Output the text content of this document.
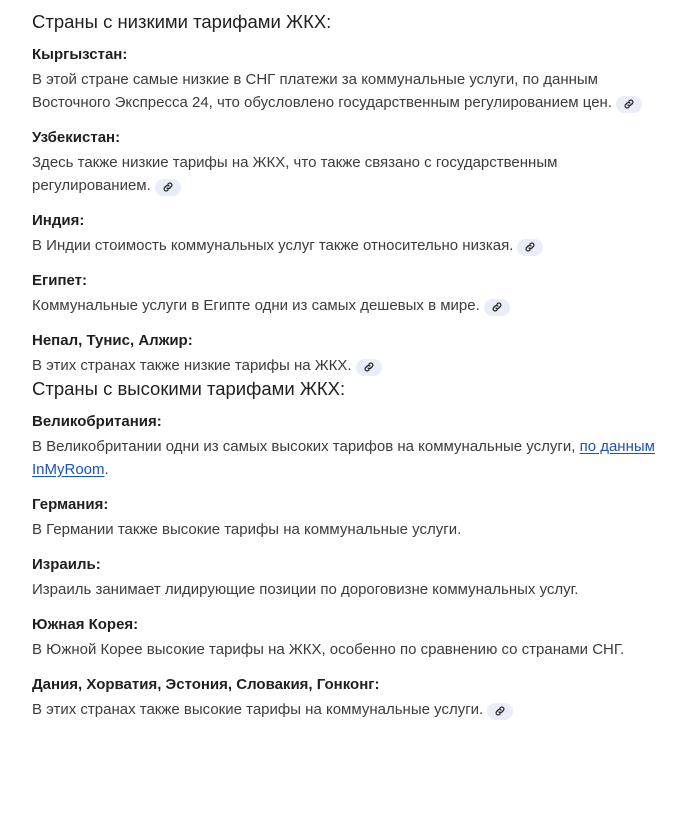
Страны с низкими тарифами ЖКХ:

Кыргызстан:

В этой стране самые низкие в СНГ платежи за коммунальные услуги, по данным Восточного Экспресса 24, что обусловлено государственным регулированием цен.

Узбекистан:

Здесь также низкие тарифы на ЖКХ, что также связано с государственным регулированием.

Индия:

В Индии стоимость коммунальных услуг также относительно низкая.

Египет:

Коммунальные услуги в Египте одни из самых дешевых в мире.

Непал, Тунис, Алжир:

В этих странах также низкие тарифы на ЖКХ.

Страны с высокими тарифами ЖКХ:

Великобритания:

В Великобритании одни из самых высоких тарифов на коммунальные услуги, по данным InMyRoom.

Германия:

В Германии также высокие тарифы на коммунальные услуги.

Израиль:

Израиль занимает лидирующие позиции по дороговизне коммунальных услуг.

Южная Корея:

В Южной Корее высокие тарифы на ЖКХ, особенно по сравнению со странами СНГ.

Дания, Хорватия, Эстония, Словакия, Гонконг:

В этих странах также высокие тарифы на коммунальные услуги.
